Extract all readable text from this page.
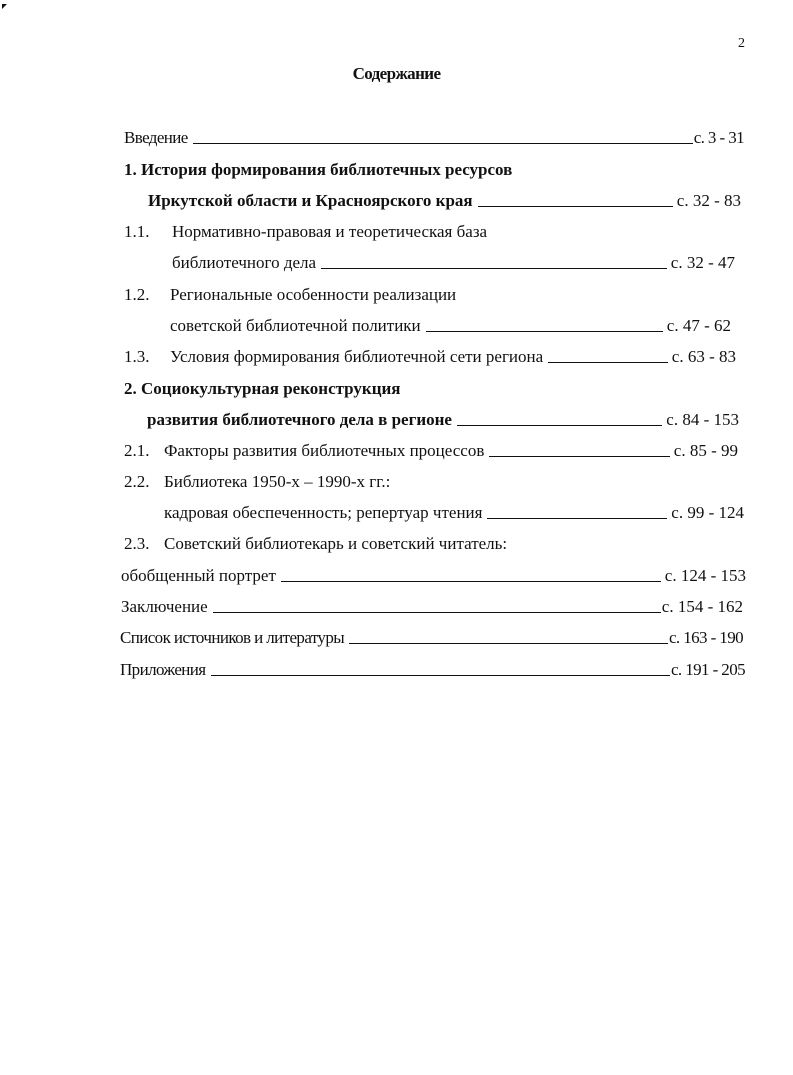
2
Содержание
Введение	с. 3 - 31
1. История формирования библиотечных ресурсов
Иркутской области и Красноярского края	с. 32 - 83
1.1.	Нормативно-правовая и теоретическая база
библиотечного дела	с. 32 - 47
1.2.	Региональные особенности реализации
советской библиотечной политики	с. 47 - 62
1.3.	Условия формирования библиотечной сети региона	с. 63 - 83
2. Социокультурная реконструкция
развития библиотечного дела в регионе	с. 84 - 153
2.1. Факторы развития библиотечных процессов	с. 85 - 99
2.2. Библиотека 1950-х – 1990-х гг.:
кадровая обеспеченность; репертуар чтения	с. 99 - 124
2.3. Советский библиотекарь и советский читатель:
обобщенный портрет	с. 124 - 153
Заключение	с. 154 - 162
Список источников и литературы	с. 163 - 190
Приложения	с. 191 - 205
